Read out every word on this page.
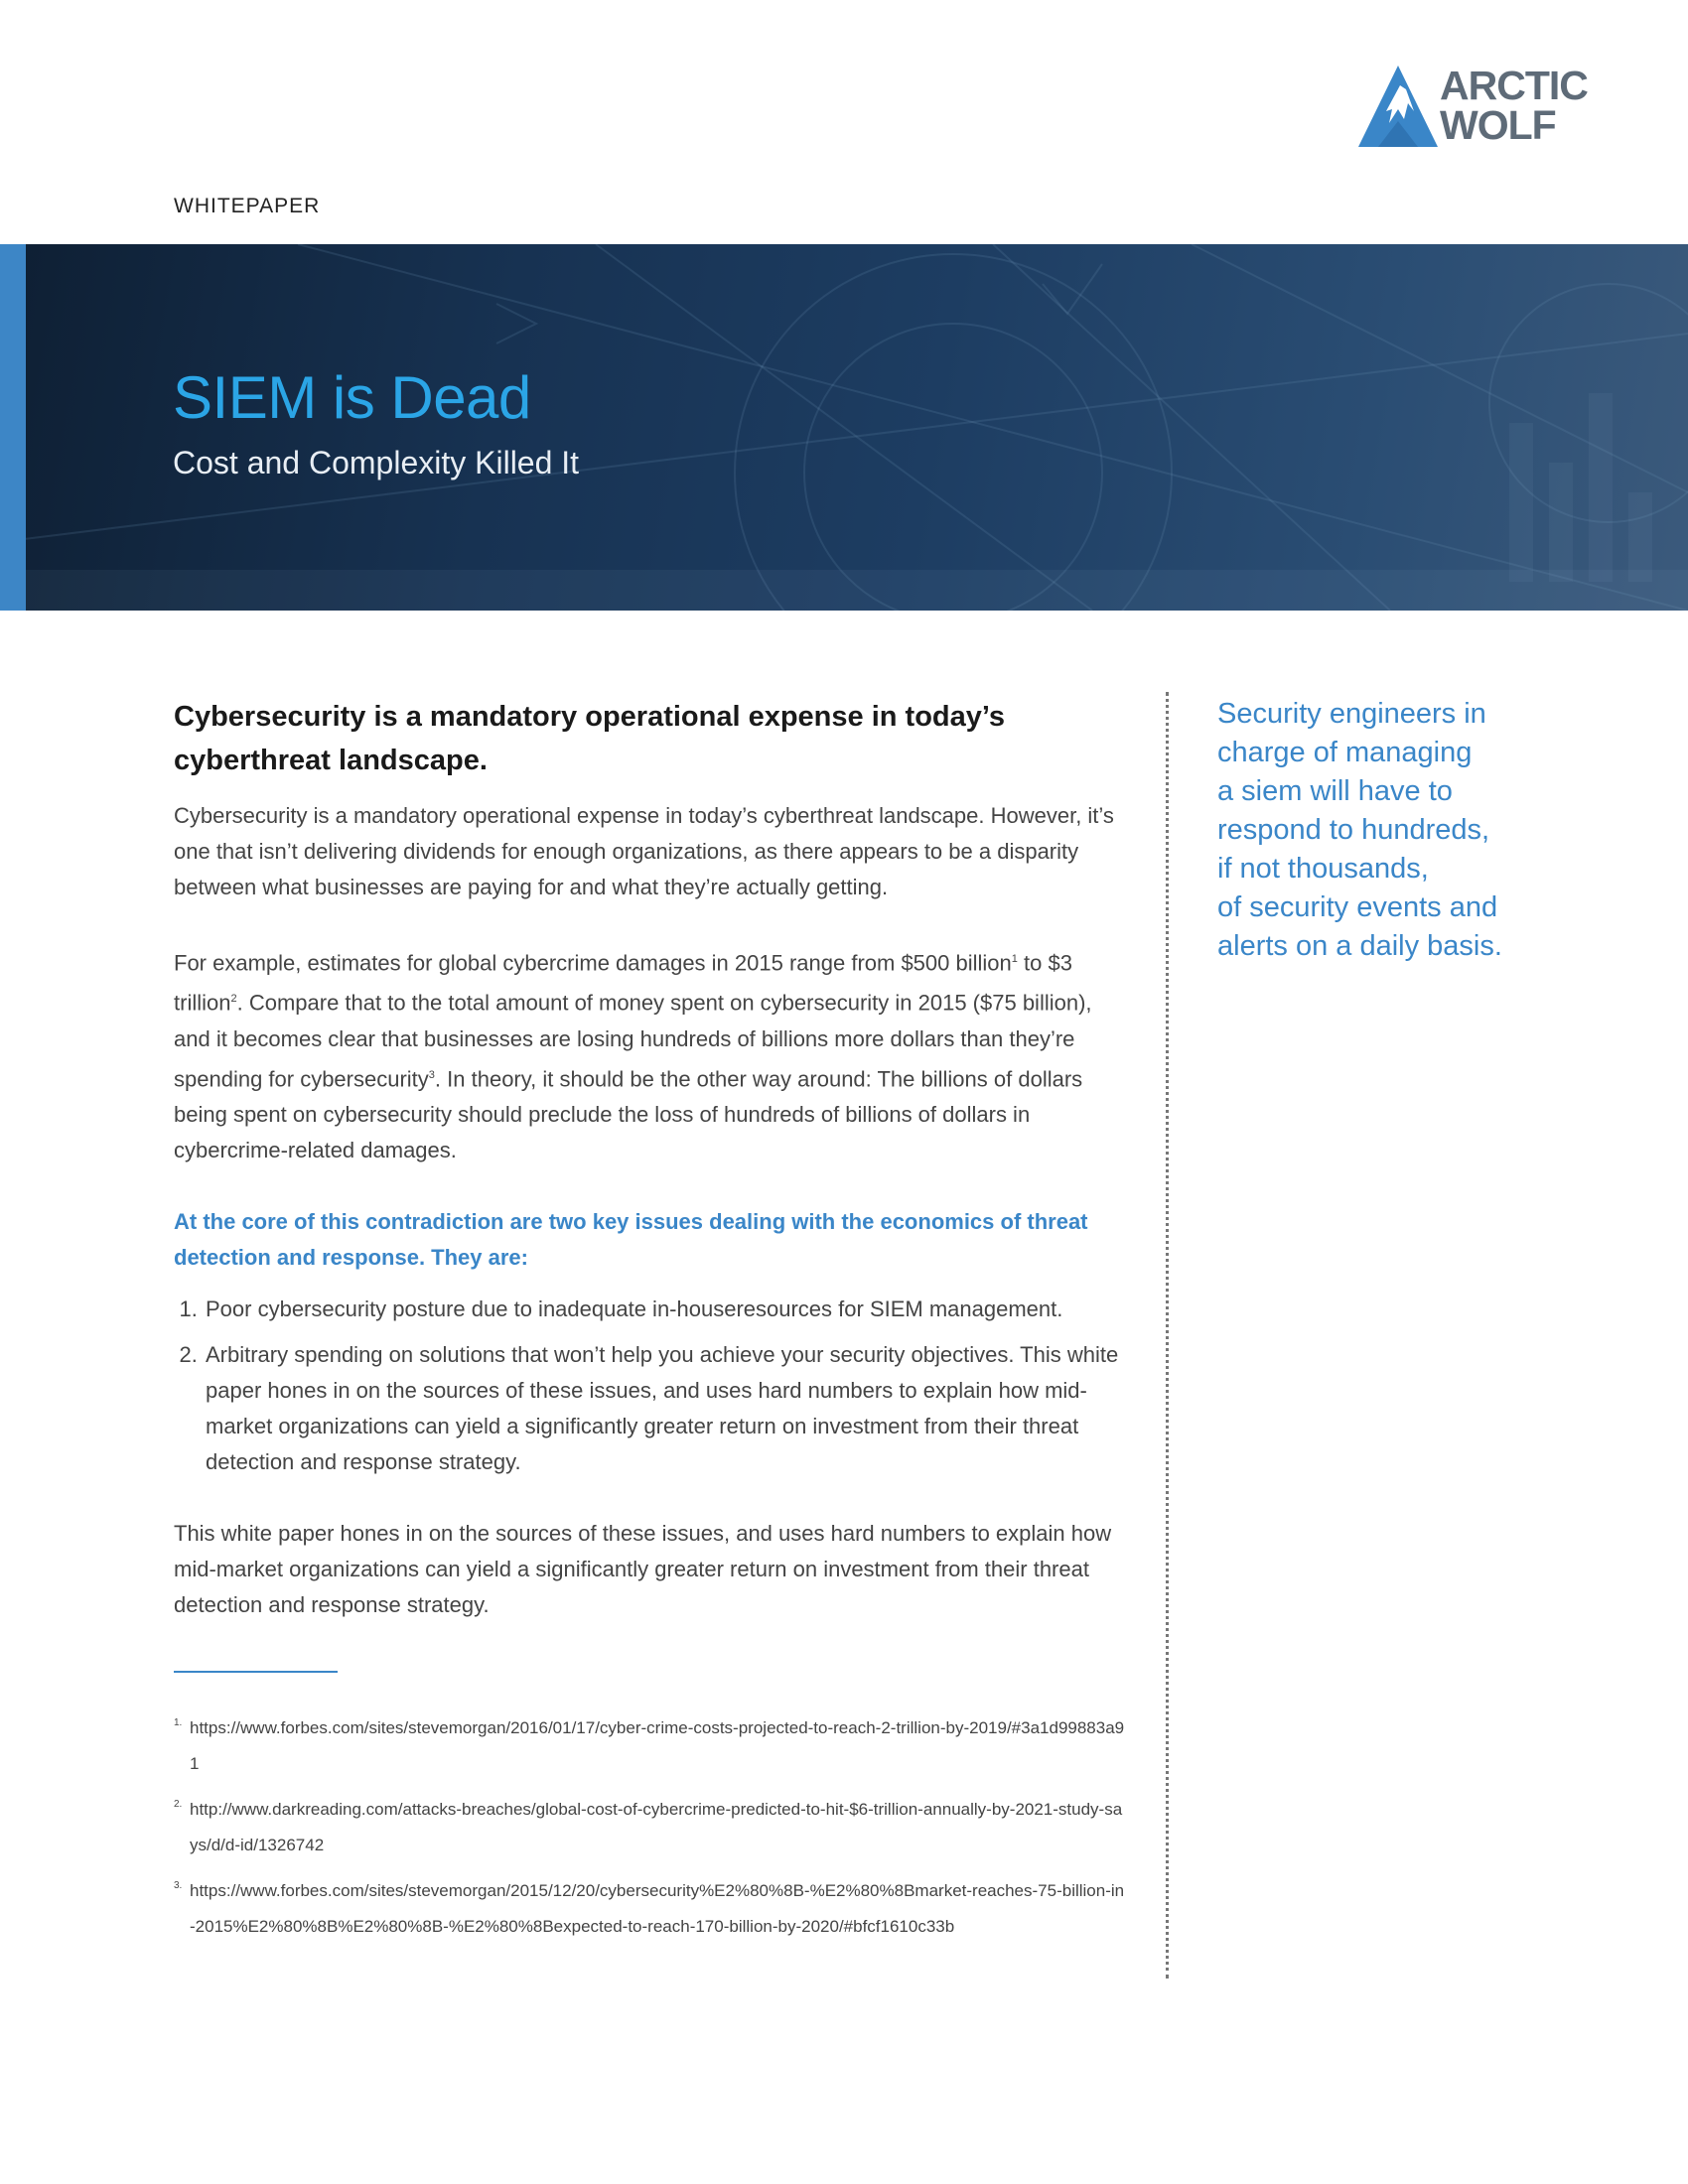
ARCTIC
WOLF

WHITEPAPER

SIEM is Dead

Cost and Complexity Killed It

Cybersecurity is a mandatory operational expense in today’s cyberthreat landscape.

Cybersecurity is a mandatory operational expense in today’s cyberthreat landscape. However, it’s one that isn’t delivering dividends for enough organizations, as there appears to be a disparity between what businesses are paying for and what they’re actually getting.

For example, estimates for global cybercrime damages in 2015 range from $500 billion$^1$ to $3 trillion$^2$. Compare that to the total amount of money spent on cybersecurity in 2015 ($75 billion), and it becomes clear that businesses are losing hundreds of billions more dollars than they’re spending for cybersecurity$^3$. In theory, it should be the other way around: The billions of dollars being spent on cybersecurity should preclude the loss of hundreds of billions of dollars in cybercrime-related damages.

At the core of this contradiction are two key issues dealing with the economics of threat detection and response. They are:

1. Poor cybersecurity posture due to inadequate in-houseresources for SIEM management.
2. Arbitrary spending on solutions that won’t help you achieve your security objectives. This white paper hones in on the sources of these issues, and uses hard numbers to explain how mid-market organizations can yield a significantly greater return on investment from their threat detection and response strategy.

This white paper hones in on the sources of these issues, and uses hard numbers to explain how mid-market organizations can yield a significantly greater return on investment from their threat detection and response strategy.

1. https://www.forbes.com/sites/stevemorgan/2016/01/17/cyber-crime-costs-projected-to-reach-2-trillion-by-2019/#3a1d99883a91
2. http://www.darkreading.com/attacks-breaches/global-cost-of-cybercrime-predicted-to-hit-$6-trillion-annually-by-2021-study-says/d/d-id/1326742
3. https://www.forbes.com/sites/stevemorgan/2015/12/20/cybersecurity%E2%80%8B-%E2%80%8Bmarket-reaches-75-billion-in-2015%E2%80%8B%E2%80%8B-%E2%80%8Bexpected-to-reach-170-billion-by-2020/#bfcf1610c33b

Security engineers in
charge of managing
a siem will have to
respond to hundreds,
if not thousands,
of security events and
alerts on a daily basis.
